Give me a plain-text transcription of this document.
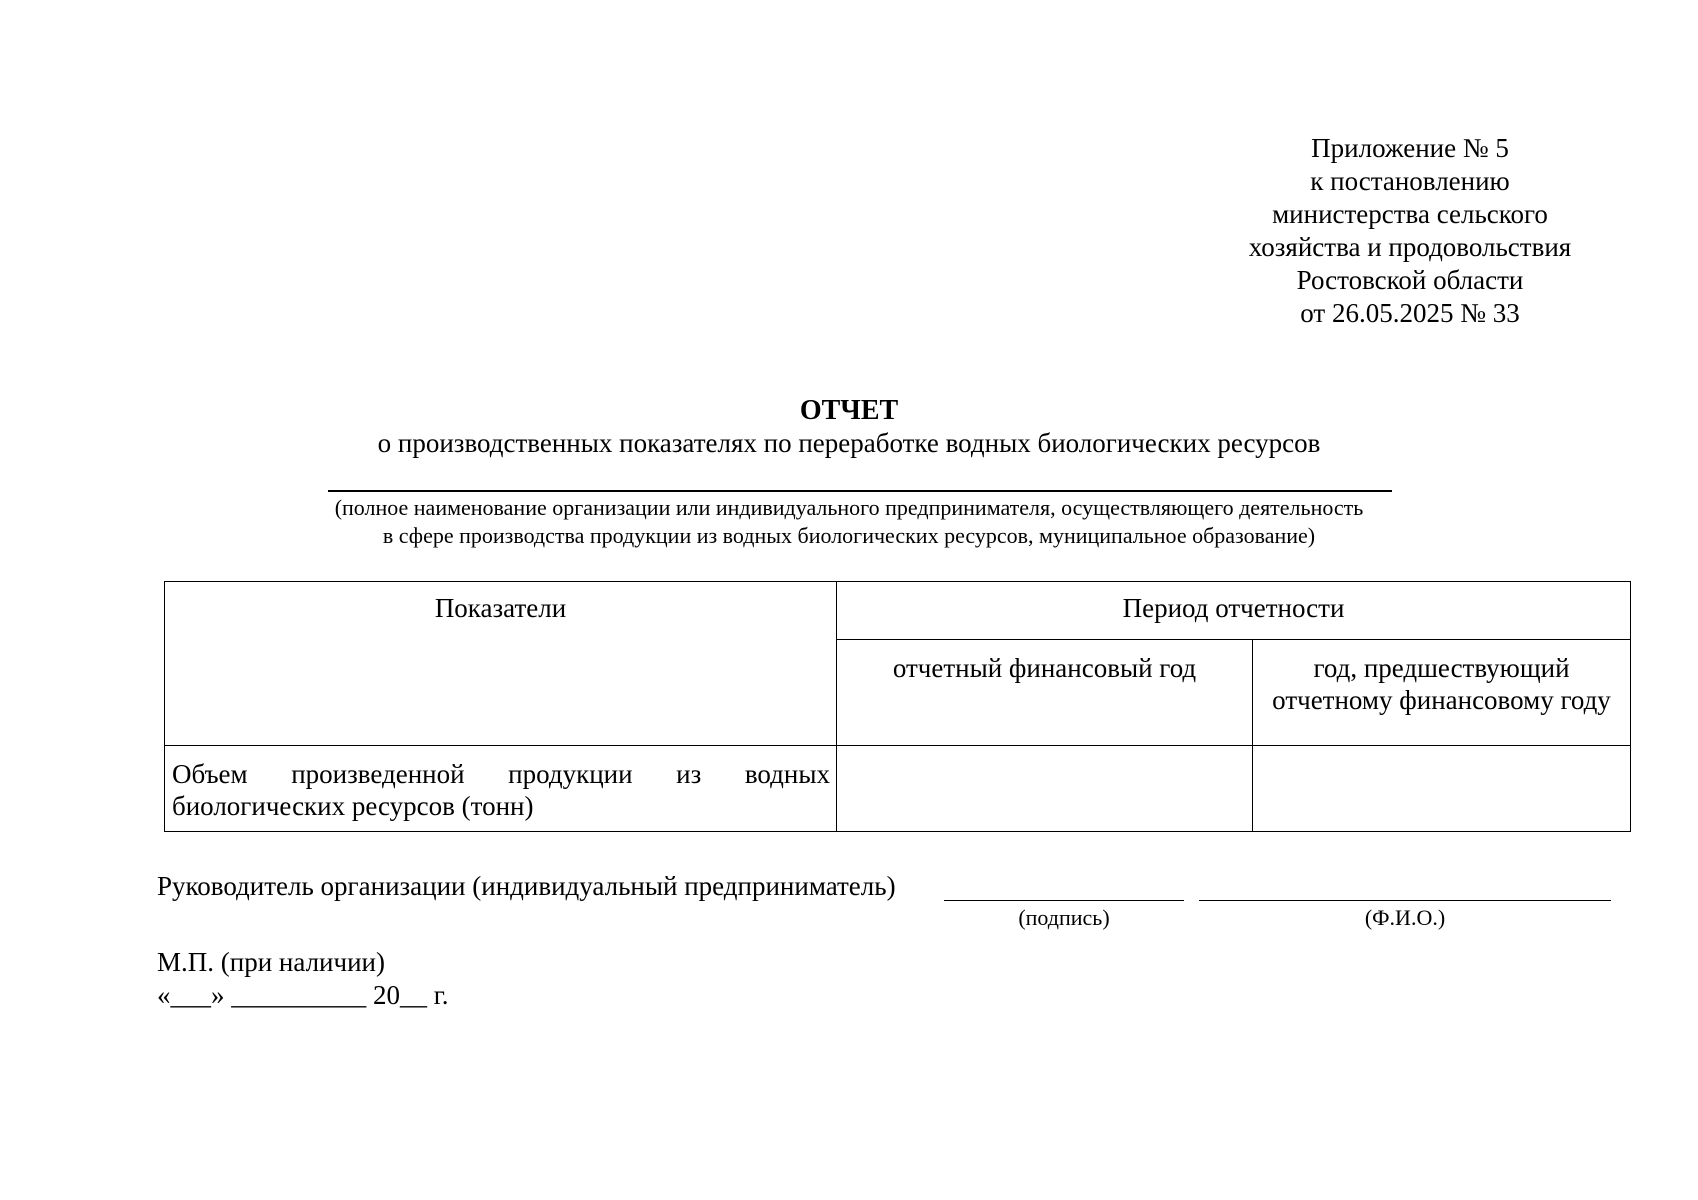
Приложение № 5
к постановлению
министерства сельского
хозяйства и продовольствия
Ростовской области
от 26.05.2025 № 33
ОТЧЕТ
о производственных показателях по переработке водных биологических ресурсов
(полное наименование организации или индивидуального предпринимателя, осуществляющего деятельность
в сфере производства продукции из водных биологических ресурсов, муниципальное образование)
Показатели	Период отчетности	
	отчетный финансовый год	год, предшествующий
отчетному финансовому году

Объем произведенной продукции из водных биологических ресурсов (тонн)		
Руководитель организации (индивидуальный предприниматель)
(подпись)	(Ф.И.О.)
М.П. (при наличии)
«___» __________ 20__ г.
